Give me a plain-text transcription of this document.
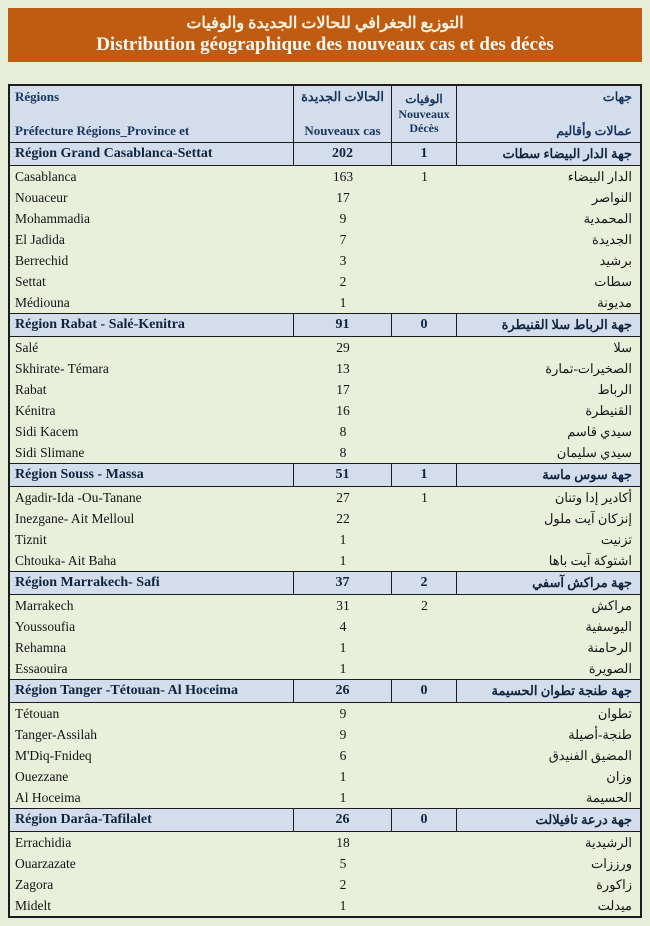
التوزيع الجغرافي للحالات الجديدة والوفيات
Distribution géographique des nouveaux cas et des décès
Régions
Préfecture Régions_Province et
الحالات الجديدة
Nouveaux cas
الوفيات
Nouveaux
Décès
جهات
عمالات وأقاليم
Région Grand Casablanca-Settat	202	1	جهة الدار البيضاء سطات
Casablanca	163	1	الدار البيضاء
Nouaceur	17	النواصر
Mohammadia	9	المحمدية
El Jadida	7	الجديدة
Berrechid	3	برشيد
Settat	2	سطات
Médiouna	1	مديونة
Région Rabat - Salé-Kenitra	91	0	جهة الرباط سلا القنيطرة
Salé	29	سلا
Skhirate- Témara	13	الصخيرات-تمارة
Rabat	17	الرباط
Kénitra	16	القنيطرة
Sidi Kacem	8	سيدي قاسم
Sidi Slimane	8	سيدي سليمان
Région Souss - Massa	51	1	جهة سوس ماسة
Agadir-Ida -Ou-Tanane	27	1	أكادير إدا وتنان
Inezgane- Ait Melloul	22	إنزكان آيت ملول
Tiznit	1	تزنيت
Chtouka- Ait Baha	1	اشتوكة آيت باها
Région Marrakech- Safi	37	2	جهة مراكش آسفي
Marrakech	31	2	مراكش
Youssoufia	4	اليوسفية
Rehamna	1	الرحامنة
Essaouira	1	الصويرة
Région Tanger -Tétouan- Al Hoceima	26	0	جهة طنجة تطوان الحسيمة
Tétouan	9	تطوان
Tanger-Assilah	9	طنجة-أصيلة
M'Diq-Fnideq	6	المضيق الفنيدق
Ouezzane	1	وزان
Al Hoceima	1	الحسيمة
Région Darâa-Tafilalet	26	0	جهة درعة تافيلالت
Errachidia	18	الرشيدية
Ouarzazate	5	ورززات
Zagora	2	زاكورة
Midelt	1	ميدلت
